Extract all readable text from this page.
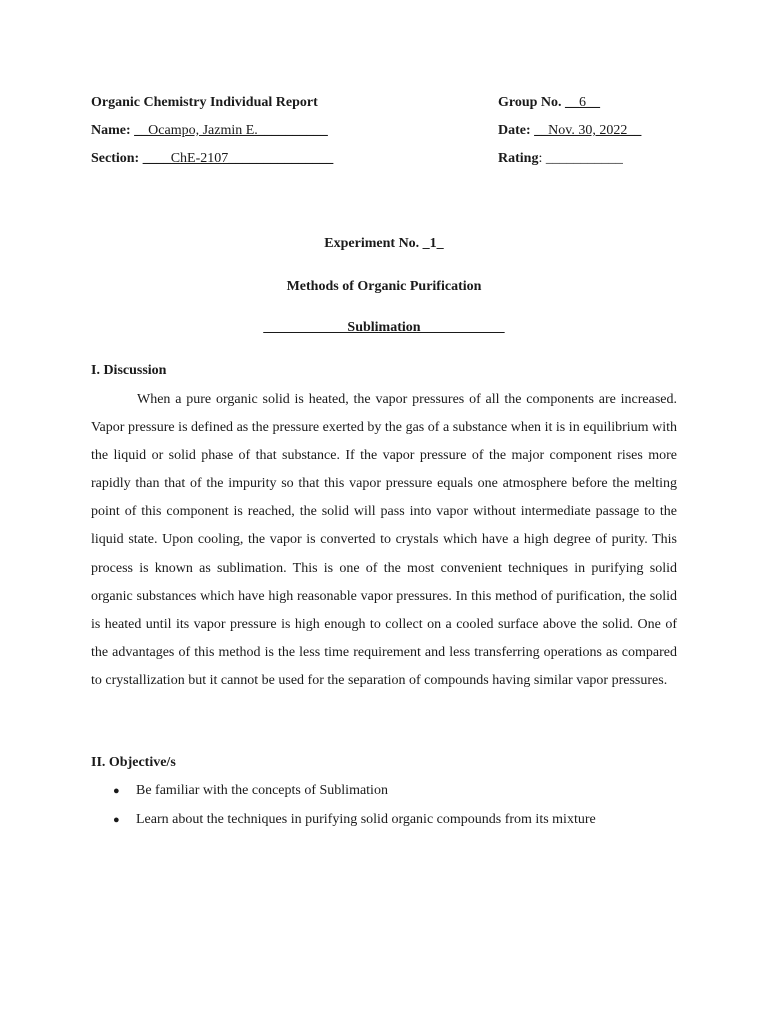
Organic Chemistry Individual Report	Group No. __6__
Name: __Ocampo, Jazmin E.__________	Date: __Nov. 30, 2022__
Section: ____ChE-2107_______________	Rating: ___________
Experiment No. _1_
Methods of Organic Purification
____________Sublimation____________
I. Discussion

When a pure organic solid is heated, the vapor pressures of all the components are increased. Vapor pressure is defined as the pressure exerted by the gas of a substance when it is in equilibrium with the liquid or solid phase of that substance. If the vapor pressure of the major component rises more rapidly than that of the impurity so that this vapor pressure equals one atmosphere before the melting point of this component is reached, the solid will pass into vapor without intermediate passage to the liquid state. Upon cooling, the vapor is converted to crystals which have a high degree of purity. This process is known as sublimation. This is one of the most convenient techniques in purifying solid organic substances which have high reasonable vapor pressures. In this method of purification, the solid is heated until its vapor pressure is high enough to collect on a cooled surface above the solid. One of the advantages of this method is the less time requirement and less transferring operations as compared to crystallization but it cannot be used for the separation of compounds having similar vapor pressures.

II. Objective/s
● Be familiar with the concepts of Sublimation
● Learn about the techniques in purifying solid organic compounds from its mixture
